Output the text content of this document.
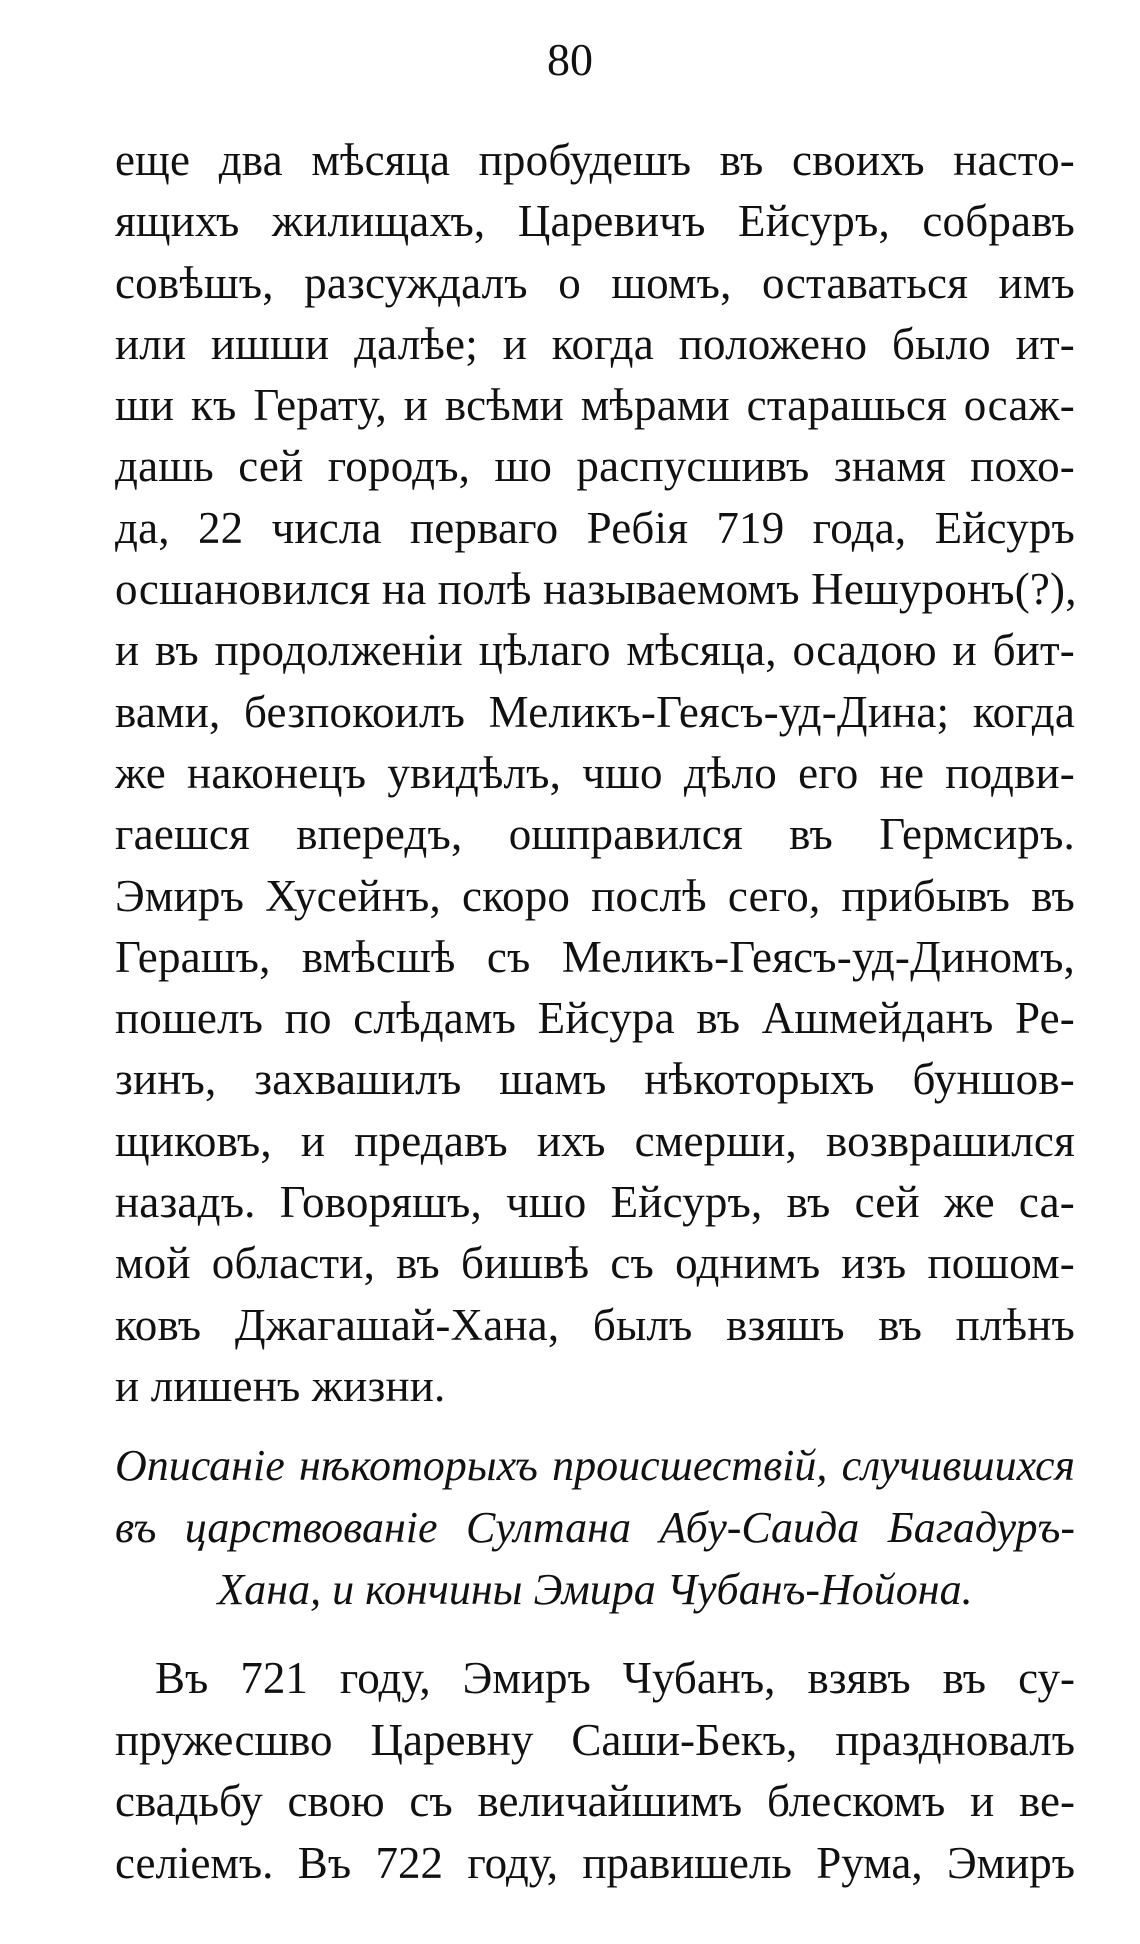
80
еще два мѣсяца пробудешъ въ своихъ насто-
ящихъ жилищахъ, Царевичъ Ейсуръ, собравъ
совѣшъ, разсуждалъ о шомъ, оставаться имъ
или ишши далѣе; и когда положено было ит-
ши къ Герату, и всѣми мѣрами старашься осаж-
дашь сей городъ, шо распусшивъ знамя похо-
да, 22 числа перваго Ребія 719 года, Ейсуръ
осшановился на полѣ называемомъ Нешуронъ(?),
и въ продолженіи цѣлаго мѣсяца, осадою и бит-
вами, безпокоилъ Меликъ-Геясъ-уд-Дина; когда
же наконецъ увидѣлъ, чшо дѣло его не подви-
гаешся впередъ, ошправился въ Гермсиръ.
Эмиръ Хусейнъ, скоро послѣ сего, прибывъ въ
Герашъ, вмѣсшѣ съ Меликъ-Геясъ-уд-Диномъ,
пошелъ по слѣдамъ Ейсура въ Ашмейданъ Ре-
зинъ, захвашилъ шамъ нѣкоторыхъ буншов-
щиковъ, и предавъ ихъ смерши, возврашился
назадъ. Говоряшъ, чшо Ейсуръ, въ сей же са-
мой области, въ бишвѣ съ однимъ изъ пошом-
ковъ Джагашай-Хана, былъ взяшъ въ плѣнъ
и лишенъ жизни.
Описаніе нѣкоторыхъ происшествій, случившихся
въ царствованіе Султана Абу-Саида Багадуръ-
Хана, и кончины Эмира Чубанъ-Нойона.
Въ 721 году, Эмиръ Чубанъ, взявъ въ су-
пружесшво Царевну Саши-Бекъ, праздновалъ
свадьбу свою съ величайшимъ блескомъ и ве-
селіемъ. Въ 722 году, правишель Рума, Эмиръ
